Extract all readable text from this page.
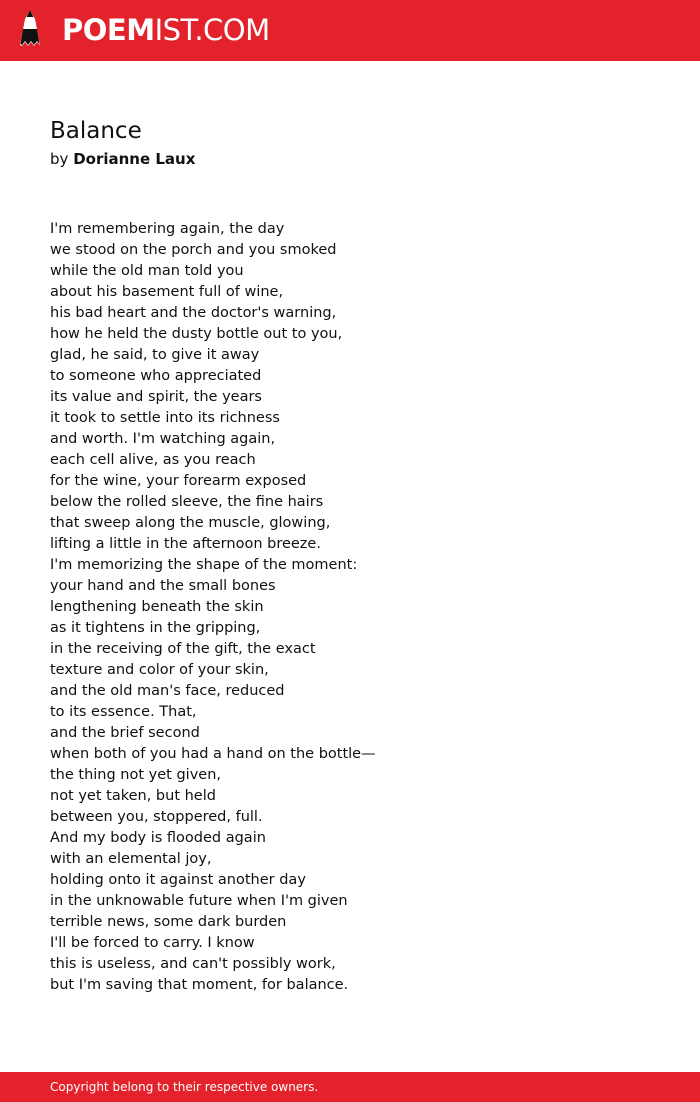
POEMIST.COM
Balance
by Dorianne Laux
I'm remembering again, the day
we stood on the porch and you smoked
while the old man told you
about his basement full of wine,
his bad heart and the doctor's warning,
how he held the dusty bottle out to you,
glad, he said, to give it away
to someone who appreciated
its value and spirit, the years
it took to settle into its richness
and worth. I'm watching again,
each cell alive, as you reach
for the wine, your forearm exposed
below the rolled sleeve, the fine hairs
that sweep along the muscle, glowing,
lifting a little in the afternoon breeze.
I'm memorizing the shape of the moment:
your hand and the small bones
lengthening beneath the skin
as it tightens in the gripping,
in the receiving of the gift, the exact
texture and color of your skin,
and the old man's face, reduced
to its essence. That,
and the brief second
when both of you had a hand on the bottle—
the thing not yet given,
not yet taken, but held
between you, stoppered, full.
And my body is flooded again
with an elemental joy,
holding onto it against another day
in the unknowable future when I'm given
terrible news, some dark burden
I'll be forced to carry. I know
this is useless, and can't possibly work,
but I'm saving that moment, for balance.
Copyright belong to their respective owners.
